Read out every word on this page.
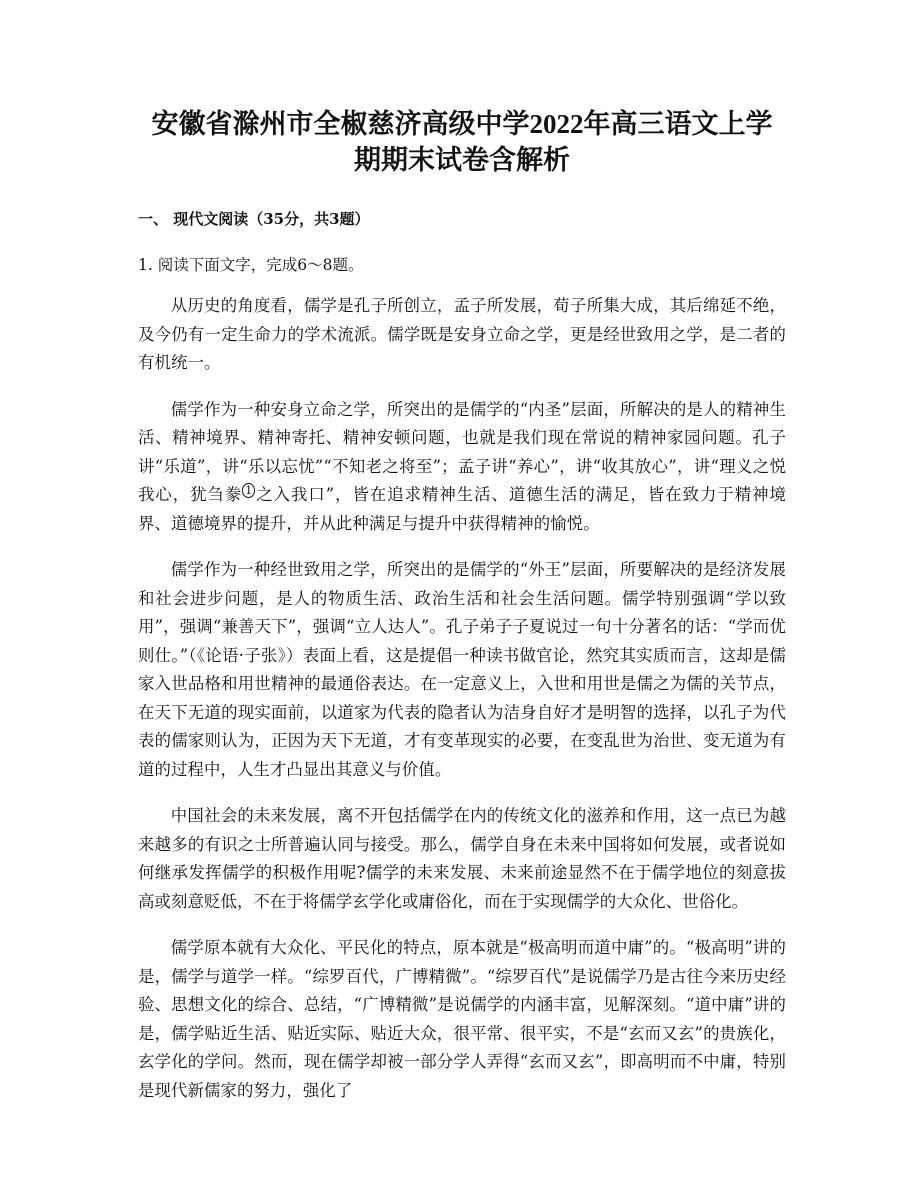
安徽省滁州市全椒慈济高级中学2022年高三语文上学
期期末试卷含解析

一、 现代文阅读（35分，共3题）

1. 阅读下面文字，完成6～8题。

从历史的角度看，儒学是孔子所创立，孟子所发展，荀子所集大成，其后绵延不绝，及今仍有一定生命力的学术流派。儒学既是安身立命之学，更是经世致用之学，是二者的有机统一。

儒学作为一种安身立命之学，所突出的是儒学的“内圣”层面，所解决的是人的精神生活、精神境界、精神寄托、精神安顿问题，也就是我们现在常说的精神家园问题。孔子讲“乐道”，讲“乐以忘忧”“不知老之将至”；孟子讲“养心”，讲“收其放心”，讲“理义之悦我心，犹刍豢 $^1$ 之入我口”，皆在追求精神生活、道德生活的满足，皆在致力于精神境界、道德境界的提升，并从此种满足与提升中获得精神的愉悦。

儒学作为一种经世致用之学，所突出的是儒学的“外王”层面，所要解决的是经济发展和社会进步问题，是人的物质生活、政治生活和社会生活问题。儒学特别强调“学以致用”，强调“兼善天下”，强调“立人达人”。孔子弟子子夏说过一句十分著名的话：“学而优则仕。”（《论语·子张》）表面上看，这是提倡一种读书做官论，然究其实质而言，这却是儒家入世品格和用世精神的最通俗表达。在一定意义上，入世和用世是儒之为儒的关节点，在天下无道的现实面前，以道家为代表的隐者认为洁身自好才是明智的选择，以孔子为代表的儒家则认为，正因为天下无道，才有变革现实的必要，在变乱世为治世、变无道为有道的过程中，人生才凸显出其意义与价值。

中国社会的未来发展，离不开包括儒学在内的传统文化的滋养和作用，这一点已为越来越多的有识之士所普遍认同与接受。那么，儒学自身在未来中国将如何发展，或者说如何继承发挥儒学的积极作用呢?儒学的未来发展、未来前途显然不在于儒学地位的刻意拔高或刻意贬低，不在于将儒学玄学化或庸俗化，而在于实现儒学的大众化、世俗化。

儒学原本就有大众化、平民化的特点，原本就是“极高明而道中庸”的。“极高明”讲的是，儒学与道学一样。“综罗百代，广博精微”。“综罗百代”是说儒学乃是古往今来历史经验、思想文化的综合、总结，“广博精微”是说儒学的内涵丰富，见解深刻。“道中庸”讲的是，儒学贴近生活、贴近实际、贴近大众，很平常、很平实，不是“玄而又玄”的贵族化，玄学化的学问。然而，现在儒学却被一部分学人弄得“玄而又玄”，即高明而不中庸，特别是现代新儒家的努力，强化了
